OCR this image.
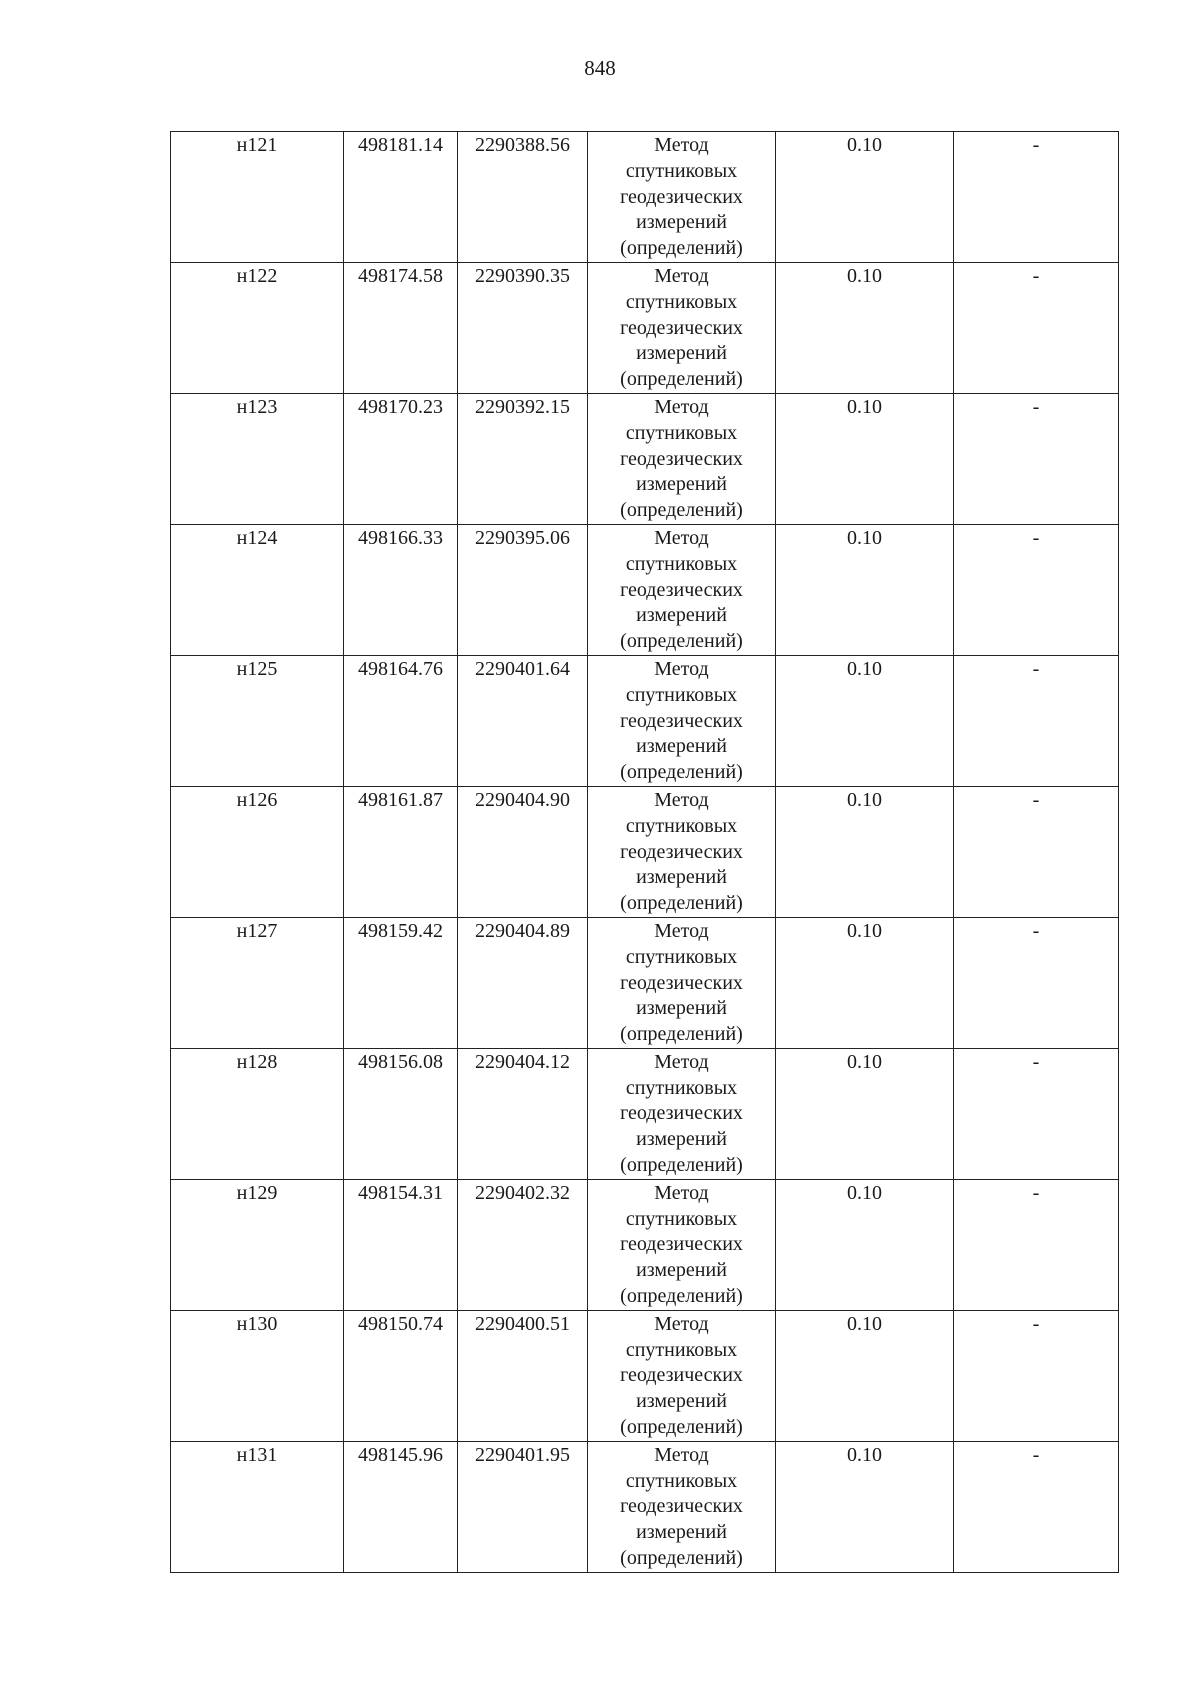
848
н121	498181.14	2290388.56	Метод
спутниковых
геодезических
измерений
(определений)	0.10	-

н122	498174.58	2290390.35	Метод
спутниковых
геодезических
измерений
(определений)	0.10	-

н123	498170.23	2290392.15	Метод
спутниковых
геодезических
измерений
(определений)	0.10	-

н124	498166.33	2290395.06	Метод
спутниковых
геодезических
измерений
(определений)	0.10	-

н125	498164.76	2290401.64	Метод
спутниковых
геодезических
измерений
(определений)	0.10	-

н126	498161.87	2290404.90	Метод
спутниковых
геодезических
измерений
(определений)	0.10	-

н127	498159.42	2290404.89	Метод
спутниковых
геодезических
измерений
(определений)	0.10	-

н128	498156.08	2290404.12	Метод
спутниковых
геодезических
измерений
(определений)	0.10	-

н129	498154.31	2290402.32	Метод
спутниковых
геодезических
измерений
(определений)	0.10	-

н130	498150.74	2290400.51	Метод
спутниковых
геодезических
измерений
(определений)	0.10	-

н131	498145.96	2290401.95	Метод
спутниковых
геодезических
измерений
(определений)	0.10	-
